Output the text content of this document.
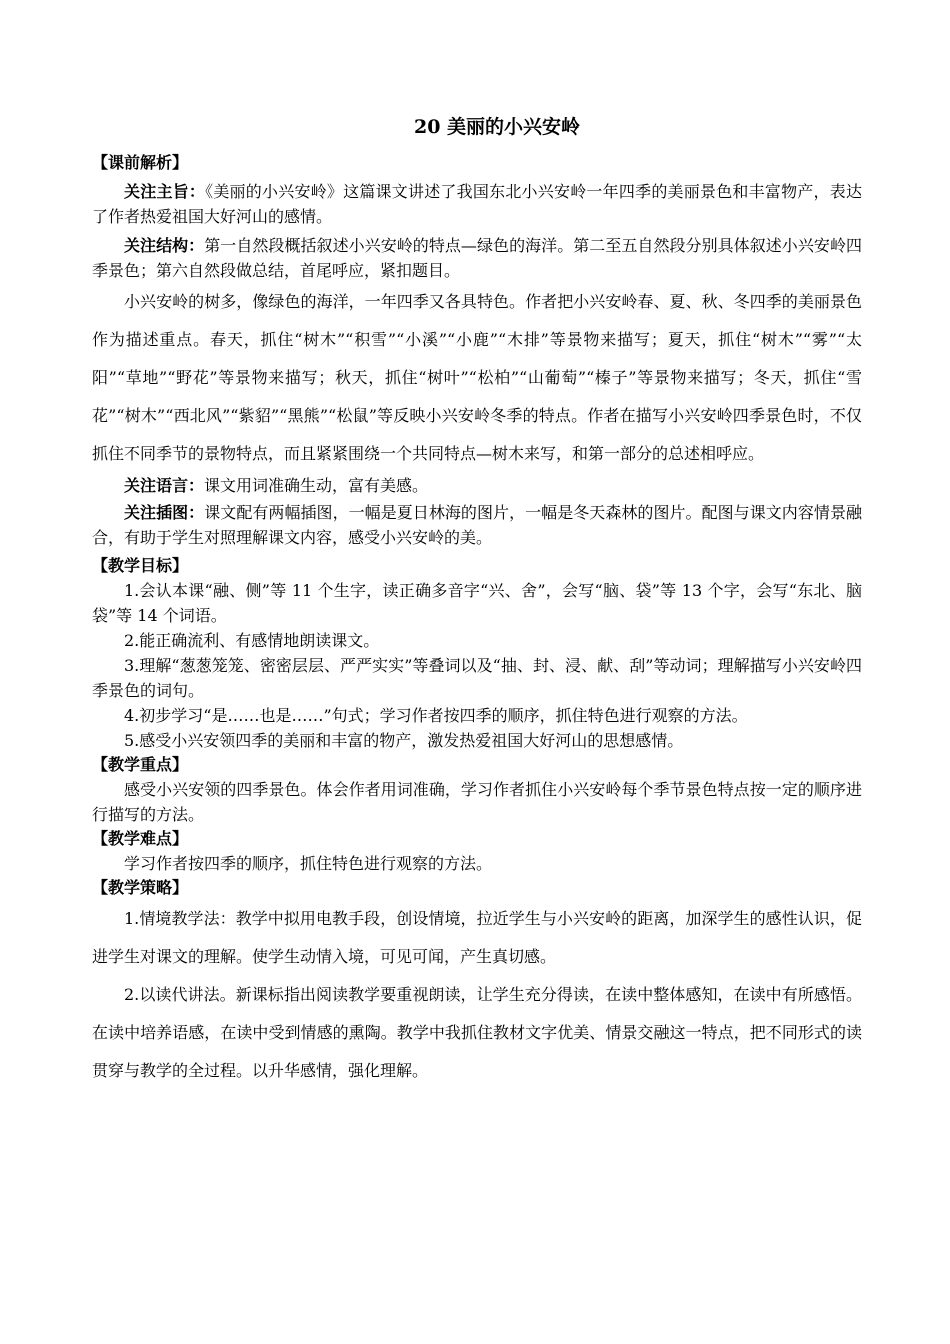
20 美丽的小兴安岭
【课前解析】

关注主旨：《美丽的小兴安岭》这篇课文讲述了我国东北小兴安岭一年四季的美丽景色和丰富物产，表达了作者热爱祖国大好河山的感情。

关注结构：第一自然段概括叙述小兴安岭的特点—绿色的海洋。第二至五自然段分别具体叙述小兴安岭四季景色；第六自然段做总结，首尾呼应，紧扣题目。

小兴安岭的树多，像绿色的海洋，一年四季又各具特色。作者把小兴安岭春、夏、秋、冬四季的美丽景色作为描述重点。春天，抓住“树木”“积雪”“小溪”“小鹿”“木排”等景物来描写；夏天，抓住“树木”“雾”“太阳”“草地”“野花”等景物来描写；秋天，抓住“树叶”“松柏”“山葡萄”“榛子”等景物来描写；冬天，抓住“雪花”“树木”“西北风”“紫貂”“黑熊”“松鼠”等反映小兴安岭冬季的特点。作者在描写小兴安岭四季景色时，不仅抓住不同季节的景物特点，而且紧紧围绕一个共同特点—树木来写，和第一部分的总述相呼应。

关注语言：课文用词准确生动，富有美感。

关注插图：课文配有两幅插图，一幅是夏日林海的图片，一幅是冬天森林的图片。配图与课文内容情景融合，有助于学生对照理解课文内容，感受小兴安岭的美。

【教学目标】

1.会认本课“融、侧”等 11 个生字，读正确多音字“兴、舍”，会写“脑、袋”等 13 个字，会写“东北、脑袋”等 14 个词语。

2.能正确流利、有感情地朗读课文。

3.理解“葱葱笼笼、密密层层、严严实实”等叠词以及“抽、封、浸、献、刮”等动词；理解描写小兴安岭四季景色的词句。

4.初步学习“是……也是……”句式；学习作者按四季的顺序，抓住特色进行观察的方法。

5.感受小兴安领四季的美丽和丰富的物产，激发热爱祖国大好河山的思想感情。

【教学重点】

感受小兴安领的四季景色。体会作者用词准确，学习作者抓住小兴安岭每个季节景色特点按一定的顺序进行描写的方法。

【教学难点】

学习作者按四季的顺序，抓住特色进行观察的方法。

【教学策略】

1.情境教学法：教学中拟用电教手段，创设情境，拉近学生与小兴安岭的距离，加深学生的感性认识，促进学生对课文的理解。使学生动情入境，可见可闻，产生真切感。

2.以读代讲法。新课标指出阅读教学要重视朗读，让学生充分得读，在读中整体感知，在读中有所感悟。在读中培养语感，在读中受到情感的熏陶。教学中我抓住教材文字优美、情景交融这一特点，把不同形式的读贯穿与教学的全过程。以升华感情，强化理解。
